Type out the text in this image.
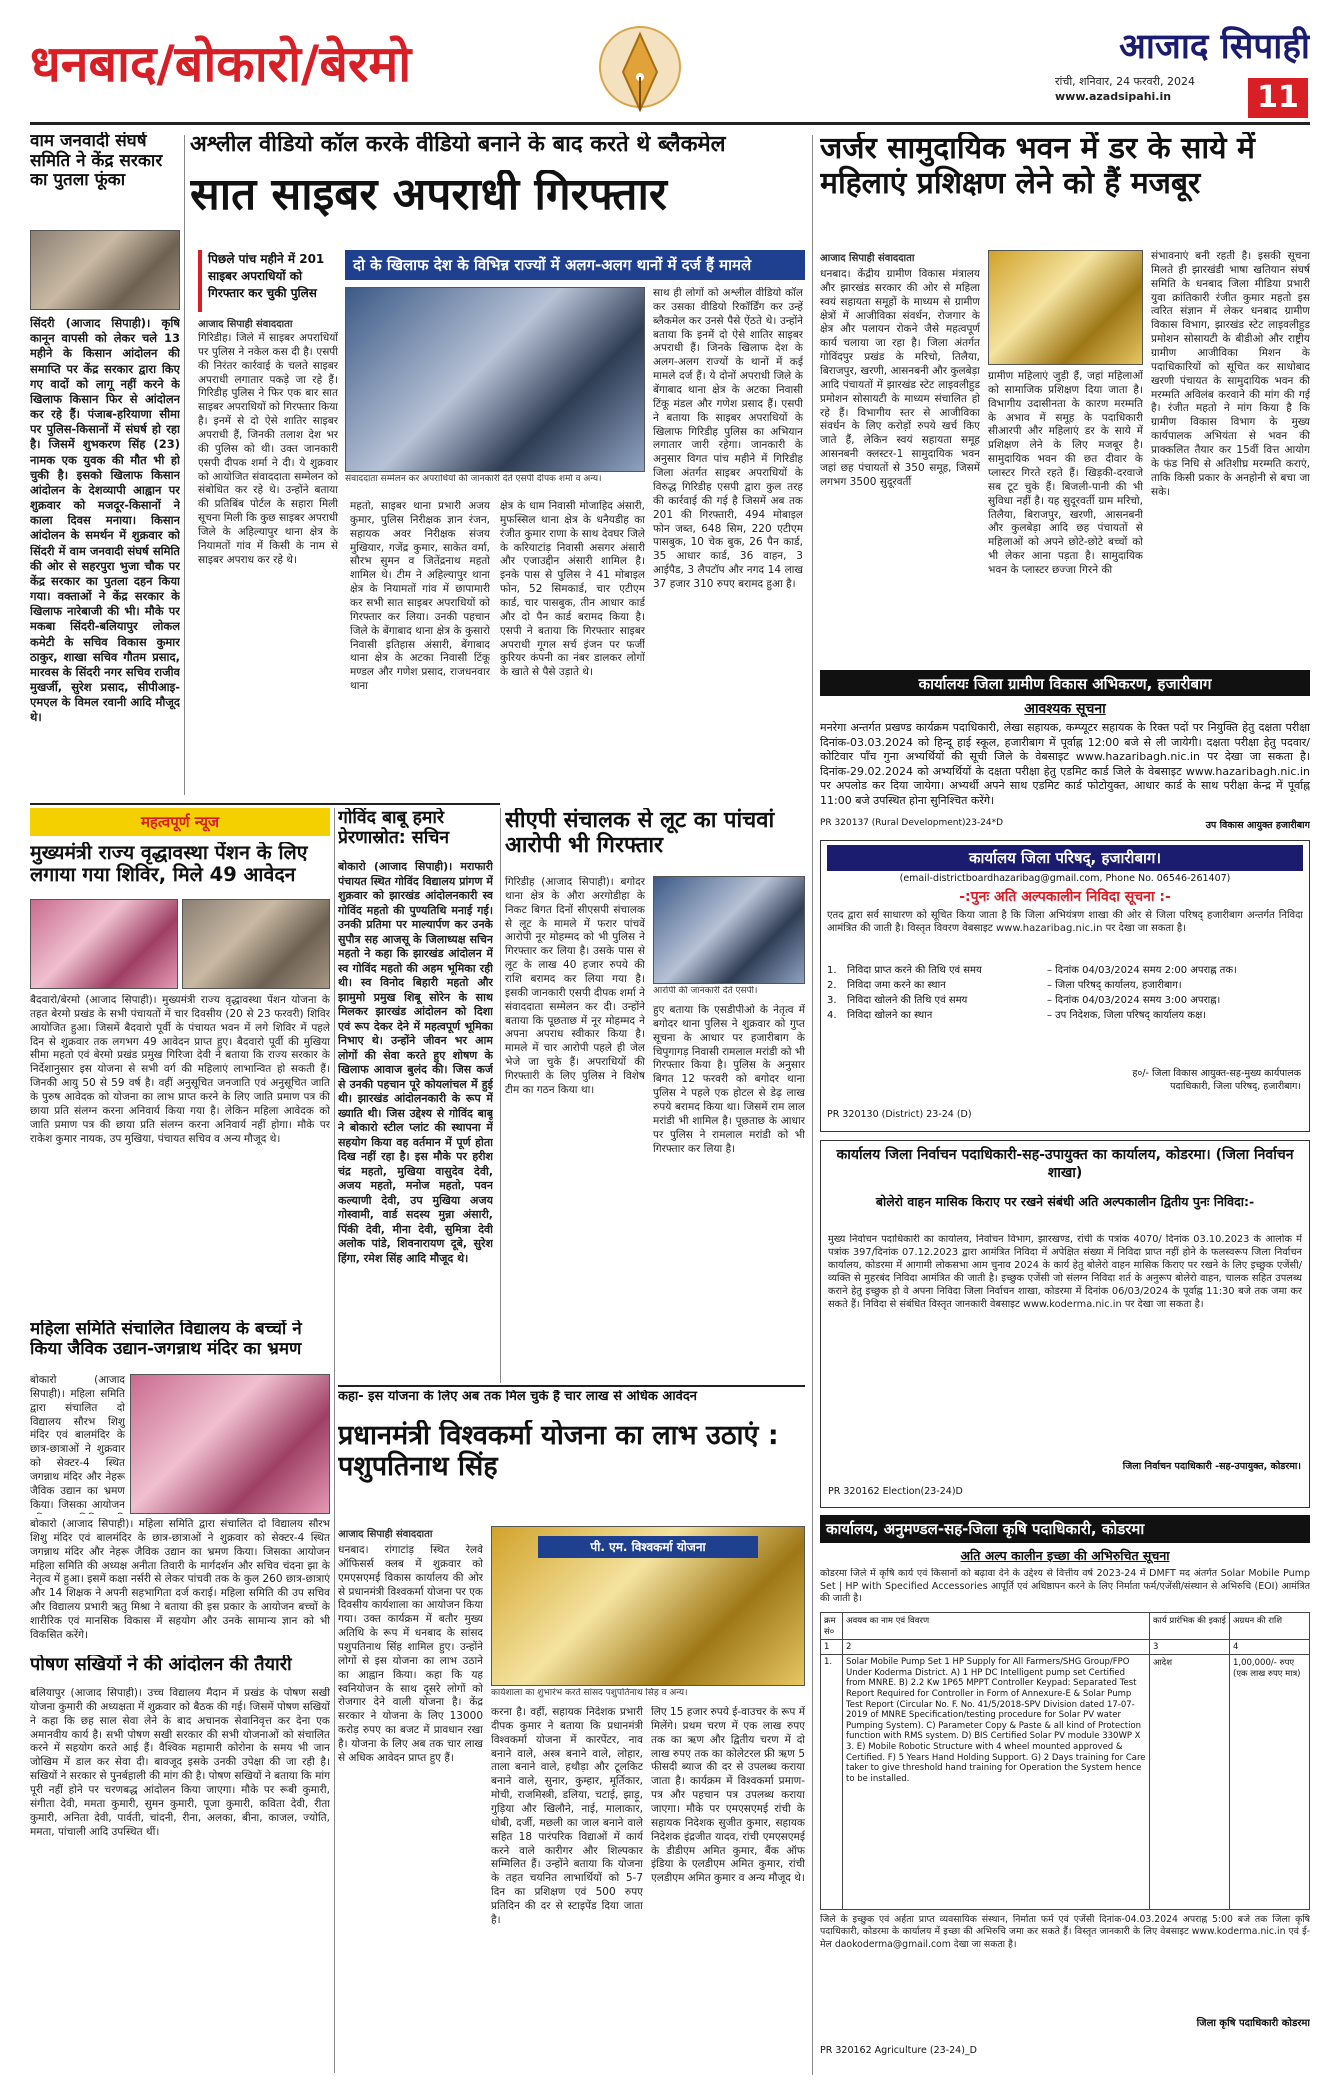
धनबाद/बोकारो/बेरमो	आजाद सिपाही
रांची, शनिवार, 24 फरवरी, 2024
www.azadsipahi.in	11
वाम जनवादी संघर्ष समिति ने केंद्र सरकार का पुतला फूंका
सिंदरी (आजाद सिपाही)। कृषि कानून वापसी को लेकर चले 13 महीने के किसान आंदोलन की समाप्ति पर केंद्र सरकार द्वारा किए गए वादों को लागू नहीं करने के खिलाफ किसान फिर से आंदोलन कर रहे हैं। पंजाब-हरियाणा सीमा पर पुलिस-किसानों में संघर्ष हो रहा है। जिसमें शुभकरण सिंह (23) नामक एक युवक की मौत भी हो चुकी है। इसको खिलाफ किसान आंदोलन के देशव्यापी आह्वान पर शुक्रवार को मजदूर-किसानों ने काला दिवस मनाया। किसान आंदोलन के समर्थन में शुक्रवार को सिंदरी में वाम जनवादी संघर्ष समिति की ओर से सहरपुरा भुजा चौक पर केंद्र सरकार का पुतला दहन किया गया। वक्ताओं ने केंद्र सरकार के खिलाफ नारेबाजी की भी। मौके पर मकबा सिंदरी-बलियापुर लोकल कमेटी के सचिव विकास कुमार ठाकुर, शाखा सचिव गौतम प्रसाद, मारवस के सिंदरी नगर सचिव राजीव मुखर्जी, सुरेश प्रसाद, सीपीआइ-एमएल के विमल रवानी आदि मौजूद थे।
अश्लील वीडियो कॉल करके वीडियो बनाने के बाद करते थे ब्लैकमेल
सात साइबर अपराधी गिरफ्तार
पिछले पांच महीने में 201 साइबर अपराधियों को गिरफ्तार कर चुकी पुलिस
आजाद सिपाही संवाददाता
दो के खिलाफ देश के विभिन्न राज्यों में अलग-अलग थानों में दर्ज हैं मामले
संवाददाता सम्मेलन कर अपराधियों की जानकारी देते एसपी दीपक शर्मा व अन्य।
गिरिडीह। जिले में साइबर अपराधियों पर पुलिस ने नकेल कस दी है। एसपी की निरंतर कार्रवाई के चलते साइबर अपराधी लगातार पकड़े जा रहे हैं। गिरिडीह पुलिस ने फिर एक बार सात साइबर अपराधियों को गिरफ्तार किया है। इनमें से दो ऐसे शातिर साइबर अपराधी हैं, जिनकी तलाश देश भर की पुलिस को थी। उक्त जानकारी एसपी दीपक शर्मा ने दी। ये शुक्रवार को आयोजित संवाददाता सम्मेलन को संबोधित कर रहे थे। उन्होंने बताया की प्रतिबिंब पोर्टल के सहारा मिली सूचना मिली कि कुछ साइबर अपराधी जिले के अहिल्यापुर थाना क्षेत्र के नियामतों गांव में किसी के नाम से साइबर अपराध कर रहे थे।
महतो, साइबर थाना प्रभारी अजय कुमार, पुलिस निरीक्षक ज्ञान रंजन, सहायक अवर निरीक्षक संजय मुखियार, गजेंद्र कुमार, साकेत वर्मा, सौरभ सुमन व जितेंद्रनाथ महतो शामिल थे। टीम ने अहिल्यापुर थाना क्षेत्र के नियामतों गांव में छापामारी कर सभी सात साइबर अपराधियों को गिरफ्तार कर लिया। उनकी पहचान जिले के बेंगाबाद थाना क्षेत्र के कुसारो निवासी इतिहास अंसारी, बेंगाबाद थाना क्षेत्र के अटका निवासी टिंकू मण्डल और गणेश प्रसाद, राजधनवार थाना
क्षेत्र के धाम निवासी मोजाहिद अंसारी, मुफस्सिल थाना क्षेत्र के धनैयडीह का रंजीत कुमार राणा के साथ देवघर जिले के करियाटांड़ निवासी असगर अंसारी और एजाउद्दीन अंसारी शामिल है। इनके पास से पुलिस ने 41 मोबाइल फोन, 52 सिमकार्ड, चार एटीएम कार्ड, चार पासबुक, तीन आधार कार्ड और दो पैन कार्ड बरामद किया है। एसपी ने बताया कि गिरफ्तार साइबर अपराधी गूगल सर्च इंजन पर फर्जी कुरियर कंपनी का नंबर डालकर लोगों के खाते से पैसे उड़ाते थे।
साथ ही लोगों को अश्लील वीडियो कॉल कर उसका वीडियो रिकॉर्डिंग कर उन्हें ब्लैकमेल कर उनसे पैसे ऐंठते थे। उन्होंने बताया कि इनमें दो ऐसे शातिर साइबर अपराधी हैं। जिनके खिलाफ देश के अलग-अलग राज्यों के थानों में कई मामले दर्ज हैं। ये दोनों अपराधी जिले के बेंगाबाद थाना क्षेत्र के अटका निवासी टिंकू मंडल और गणेश प्रसाद हैं। एसपी ने बताया कि साइबर अपराधियों के खिलाफ गिरिडीह पुलिस का अभियान लगातार जारी रहेगा। जानकारी के अनुसार विगत पांच महीने में गिरिडीह जिला अंतर्गत साइबर अपराधियों के विरुद्ध गिरिडीह एसपी द्वारा कुल तरह की कार्रवाई की गई है जिसमें अब तक 201 की गिरफ्तारी, 494 मोबाइल फोन जब्त, 648 सिम, 220 एटीएम पासबुक, 10 चेक बुक, 26 पैन कार्ड, 35 आधार कार्ड, 36 वाहन, 3 आईपैड, 3 लैपटॉप और नगद 14 लाख 37 हजार 310 रुपए बरामद हुआ है।
जर्जर सामुदायिक भवन में डर के साये में महिलाएं प्रशिक्षण लेने को हैं मजबूर
आजाद सिपाही संवाददाता
धनबाद। केंद्रीय ग्रामीण विकास मंत्रालय और झारखंड सरकार की ओर से महिला स्वयं सहायता समूहों के माध्यम से ग्रामीण क्षेत्रों में आजीविका संवर्धन, रोजगार के क्षेत्र और पलायन रोकने जैसे महत्वपूर्ण कार्य चलाया जा रहा है। जिला अंतर्गत गोविंदपुर प्रखंड के मरिचो, तिलैया, बिराजपुर, खरणी, आसनबनी और कुलबेड़ा आदि पंचायतों में झारखंड स्टेट लाइवलीहुड प्रमोशन सोसायटी के माध्यम संचालित हो रहे हैं। विभागीय स्तर से आजीविका संवर्धन के लिए करोड़ों रुपये खर्च किए जाते हैं, लेकिन स्वयं सहायता समूह आसनबनी क्लस्टर-1 सामुदायिक भवन जहां छह पंचायतों से 350 समूह, जिसमें लगभग 3500 सुदूरवर्ती
ग्रामीण महिलाएं जुड़ी हैं, जहां महिलाओं को सामाजिक प्रशिक्षण दिया जाता है। विभागीय उदासीनता के कारण मरम्मति के अभाव में समूह के पदाधिकारी सीआरपी और महिलाएं डर के साये में प्रशिक्षण लेने के लिए मजबूर है। सामुदायिक भवन की छत दीवार के प्लास्टर गिरते रहते हैं। खिड़की-दरवाजे सब टूट चुके हैं। बिजली-पानी की भी सुविधा नहीं है। यह सुदूरवर्ती ग्राम मरिचो, तिलैया, बिराजपुर, खरणी, आसनबनी और कुलबेड़ा आदि छह पंचायतों से महिलाओं को अपने छोटे-छोटे बच्चों को भी लेकर आना पड़ता है। सामुदायिक भवन के प्लास्टर छज्जा गिरने की
संभावनाएं बनी रहती है। इसकी सूचना मिलते ही झारखंडी भाषा खतियान संघर्ष समिति के धनबाद जिला मीडिया प्रभारी युवा क्रांतिकारी रंजीत कुमार महतो इस त्वरित संज्ञान में लेकर धनबाद ग्रामीण विकास विभाग, झारखंड स्टेट लाइवलीहुड प्रमोशन सोसायटी के बीडीओ और राष्ट्रीय ग्रामीण आजीविका मिशन के पदाधिकारियों को सूचित कर साधोबाद खरणी पंचायत के सामुदायिक भवन की मरम्मति अविलंब करवाने की मांग की गई है। रंजीत महतो ने मांग किया है कि ग्रामीण विकास विभाग के मुख्य कार्यपालक अभियंता से भवन की प्राक्कलित तैयार कर 15वीं वित्त आयोग के फंड निधि से अतिशीघ्र मरम्मति कराएं, ताकि किसी प्रकार के अनहोनी से बचा जा सके।
कार्यालयः जिला ग्रामीण विकास अभिकरण, हजारीबाग
आवश्यक सूचना
मनरेगा अन्तर्गत प्रखण्ड कार्यक्रम पदाधिकारी, लेखा सहायक, कम्प्यूटर सहायक के रिक्त पदों पर नियुक्ति हेतु दक्षता परीक्षा दिनांक-03.03.2024 को हिन्दू हाई स्कूल, हजारीबाग में पूर्वाह्न 12:00 बजे से ली जायेगी। दक्षता परीक्षा हेतु पदवार/कोटिवार पाँच गुना अभ्यर्थियों की सूची जिले के वेबसाइट www.hazaribagh.nic.in पर देखा जा सकता है। दिनांक-29.02.2024 को अभ्यर्थियों के दक्षता परीक्षा हेतु एडमिट कार्ड जिले के वेबसाइट www.hazaribagh.nic.in पर अपलोड कर दिया जायेगा। अभ्यर्थी अपने साथ एडमिट कार्ड फोटोयुक्त, आधार कार्ड के साथ परीक्षा केन्द्र में पूर्वाह्न 11:00 बजे उपस्थित होना सुनिश्चित करेंगे।
PR 320137 (Rural Development)23-24*D	उप विकास आयुक्त हजारीबाग
कार्यालय जिला परिषद्, हजारीबाग।
(email-districtboardhazaribag@gmail.com, Phone No. 06546-261407)
-:पुनः अति अल्पकालीन निविदा सूचना :-
एतद द्वारा सर्व साधारण को सूचित किया जाता है कि जिला अभियंत्रण शाखा की ओर से जिला परिषद् हजारीबाग अन्तर्गत निविदा आमंत्रित की जाती है। विस्तृत विवरण वेबसाइट www.hazaribag.nic.in पर देखा जा सकता है।
1.	निविदा प्राप्त करने की तिथि एवं समय	– दिनांक 04/03/2024 समय 2:00 अपराह्न तक।
2.	निविदा जमा करने का स्थान	– जिला परिषद् कार्यालय, हजारीबाग।
3.	निविदा खोलने की तिथि एवं समय	– दिनांक 04/03/2024 समय 3:00 अपराह्न।
4.	निविदा खोलने का स्थान	– उप निदेशक, जिला परिषद् कार्यालय कक्ष।
ह०/- जिला विकास आयुक्त-सह-मुख्य कार्यपालक पदाधिकारी, जिला परिषद्, हजारीबाग।
PR 320130 (District) 23-24 (D)
कार्यालय जिला निर्वाचन पदाधिकारी-सह-उपायुक्त का कार्यालय, कोडरमा। (जिला निर्वाचन शाखा)
बोलेरो वाहन मासिक किराए पर रखने संबंधी अति अल्पकालीन द्वितीय पुनः निविदा:-
मुख्य निर्वाचन पदाधिकारी का कार्यालय, निर्वाचन विभाग, झारखण्ड, रांची के पत्रांक 4070/ दिनांक 03.10.2023 के आलोक में पत्रांक 397/दिनांक 07.12.2023 द्वारा आमंत्रित निविदा में अपेक्षित संख्या में निविदा प्राप्त नहीं होने के फलस्वरूप जिला निर्वाचन कार्यालय, कोडरमा में आगामी लोकसभा आम चुनाव 2024 के कार्य हेतु बोलेरो वाहन मासिक किराए पर रखने के लिए इच्छुक एजेंसी/व्यक्ति से मुहरबंद निविदा आमंत्रित की जाती है। इच्छुक एजेंसी जो संलग्न निविदा शर्त के अनुरूप बोलेरो वाहन, चालक सहित उपलब्ध कराने हेतु इच्छुक हो वे अपना निविदा जिला निर्वाचन शाखा, कोडरमा में दिनांक 06/03/2024 के पूर्वाह्न 11:30 बजे तक जमा कर सकते हैं। निविदा से संबंधित विस्तृत जानकारी वेबसाइट www.koderma.nic.in पर देखा जा सकता है।
जिला निर्वाचन पदाधिकारी -सह-उपायुक्त, कोडरमा।
PR 320162 Election(23-24)D
कार्यालय, अनुमण्डल-सह-जिला कृषि पदाधिकारी, कोडरमा
अति अल्प कालीन इच्छा की अभिरुचित सूचना
कोडरमा जिले में कृषि कार्य एवं किसानों को बढ़ावा देने के उद्देश्य से वित्तीय वर्ष 2023-24 में DMFT मद अंतर्गत Solar Mobile Pump Set | HP with Specified Accessories आपूर्ति एवं अधिष्ठापन करने के लिए निर्माता फर्म/एजेंसी/संस्थान से अभिरुचि (EOI) आमंत्रित की जाती है।
क्रम सं०	अवयव का नाम एवं विवरण	कार्य प्रारंभिक की इकाई	अग्रधन की राशि
1	2	3	4
1.	Solar Mobile Pump Set 1 HP Supply for All Farmers/SHG Group/FPO Under Koderma District. A) 1 HP DC Intelligent pump set Certified from MNRE. B) 2.2 Kw 1P65 MPPT Controller Keypad: Separated Test Report Required for Controller in Form of Annexure-E & Solar Pump Test Report (Circular No. F. No. 41/5/2018-SPV Division dated 17-07-2019 of MNRE Specification/testing procedure for Solar PV water Pumping System). C) Parameter Copy & Paste & all kind of Protection function with RMS system. D) BIS Certified Solar PV module 330WP X 3. E) Mobile Robotic Structure with 4 wheel mounted approved & Certified. F) 5 Years Hand Holding Support. G) 2 Days training for Care taker to give threshold hand training for Operation the System hence to be installed.	आदेश	1,00,000/- रुपए (एक लाख रुपए मात्र)
जिले के इच्छुक एवं अर्हता प्राप्त व्यवसायिक संस्थान, निर्माता फर्म एवं एजेंसी दिनांक-04.03.2024 अपराह्न 5:00 बजे तक जिला कृषि पदाधिकारी, कोडरमा के कार्यालय में इच्छा की अभिरुचि जमा कर सकते हैं। विस्तृत जानकारी के लिए वेबसाइट www.koderma.nic.in एवं ई-मेल daokoderma@gmail.com देखा जा सकता है।
जिला कृषि पदाधिकारी कोडरमा
PR 320162 Agriculture (23-24)_D
महत्वपूर्ण न्यूज
मुख्यमंत्री राज्य वृद्धावस्था पेंशन के लिए लगाया गया शिविर, मिले 49 आवेदन
बैदवारो/बेरमो (आजाद सिपाही)। मुख्यमंत्री राज्य वृद्धावस्था पेंशन योजना के तहत बेरमो प्रखंड के सभी पंचायतों में चार दिवसीय (20 से 23 फरवरी) शिविर आयोजित हुआ। जिसमें बैदवारो पूर्वी के पंचायत भवन में लगे शिविर में पहले दिन से शुक्रवार तक लगभग 49 आवेदन प्राप्त हुए। बैदवारो पूर्वी की मुखिया सीमा महतो एवं बेरमो प्रखंड प्रमुख गिरिजा देवी ने बताया कि राज्य सरकार के निर्देशानुसार इस योजना से सभी वर्ग की महिलाएं लाभान्वित हो सकती हैं। जिनकी आयु 50 से 59 वर्ष है। वहीं अनुसूचित जनजाति एवं अनुसूचित जाति के पुरुष आवेदक को योजना का लाभ प्राप्त करने के लिए जाति प्रमाण पत्र की छाया प्रति संलग्न करना अनिवार्य किया गया है। लेकिन महिला आवेदक को जाति प्रमाण पत्र की छाया प्रति संलग्न करना अनिवार्य नहीं होगा। मौके पर राकेश कुमार नायक, उप मुखिया, पंचायत सचिव व अन्य मौजूद थे।
महिला समिति संचालित विद्यालय के बच्चों ने किया जैविक उद्यान-जगन्नाथ मंदिर का भ्रमण
बोकारो (आजाद सिपाही)। महिला समिति द्वारा संचालित दो विद्यालय सौरभ शिशु मंदिर एवं बालमंदिर के छात्र-छात्राओं ने शुक्रवार को सेक्टर-4 स्थित जगन्नाथ मंदिर और नेहरू जैविक उद्यान का भ्रमण किया। जिसका आयोजन
बोकारो (आजाद सिपाही)। महिला समिति द्वारा संचालित दो विद्यालय सौरभ शिशु मंदिर एवं बालमंदिर के छात्र-छात्राओं ने शुक्रवार को सेक्टर-4 स्थित जगन्नाथ मंदिर और नेहरू जैविक उद्यान का भ्रमण किया। जिसका आयोजन महिला समिति की अध्यक्ष अनीता तिवारी के मार्गदर्शन और सचिव चंदना झा के नेतृत्व में हुआ। इसमें कक्षा नर्सरी से लेकर पांचवी तक के कुल 260 छात्र-छात्राएं और 14 शिक्षक ने अपनी सहभागिता दर्ज कराई। महिला समिति की उप सचिव और विद्यालय प्रभारी ऋतु मिश्रा ने बताया की इस प्रकार के आयोजन बच्चों के शारीरिक एवं मानसिक विकास में सहयोग और उनके सामान्य ज्ञान को भी विकसित करेंगे।
पोषण सखियों ने की आंदोलन की तैयारी
बलियापुर (आजाद सिपाही)। उच्च विद्यालय मैदान में प्रखंड के पोषण सखी योजना कुमारी की अध्यक्षता में शुक्रवार को बैठक की गई। जिसमें पोषण सखियों ने कहा कि छह साल सेवा लेने के बाद अचानक सेवानिवृत्त कर देना एक अमानवीय कार्य है। सभी पोषण सखी सरकार की सभी योजनाओं को संचालित करने में सहयोग करते आई हैं। वैश्विक महामारी कोरोना के समय भी जान जोखिम में डाल कर सेवा दी। बावजूद इसके उनकी उपेक्षा की जा रही है। सखियों ने सरकार से पुनर्बहाली की मांग की है। पोषण सखियों ने बताया कि मांग पूरी नहीं होने पर चरणबद्ध आंदोलन किया जाएगा। मौके पर रूबी कुमारी, संगीता देवी, ममता कुमारी, सुमन कुमारी, पूजा कुमारी, कविता देवी, रीता कुमारी, अनिता देवी, पार्वती, चांदनी, रीना, अलका, बीना, काजल, ज्योति, ममता, पांचाली आदि उपस्थित थीं।
गोविंद बाबू हमारे प्रेरणास्रोत: सचिन
बोकारो (आजाद सिपाही)। मराफारी पंचायत स्थित गोविंद विद्यालय प्रांगण में शुक्रवार को झारखंड आंदोलनकारी स्व गोविंद महतो की पुण्यतिथि मनाई गई। उनकी प्रतिमा पर माल्यार्पण कर उनके सुपौत्र सह आजसू के जिलाध्यक्ष सचिन महतो ने कहा कि झारखंड आंदोलन में स्व गोविंद महतो की अहम भूमिका रही थी। स्व विनोद बिहारी महतो और झामुमो प्रमुख शिबू सोरेन के साथ मिलकर झारखंड आंदोलन को दिशा एवं रूप देकर देने में महत्वपूर्ण भूमिका निभाए थे। उन्होंने जीवन भर आम लोगों की सेवा करते हुए शोषण के खिलाफ आवाज बुलंद की। जिस कर्ज से उनकी पहचान पूरे कोयलांचल में हुई थी। झारखंड आंदोलनकारी के रूप में ख्याति थी। जिस उद्देश्य से गोविंद बाबू ने बोकारो स्टील प्लांट की स्थापना में सहयोग किया वह वर्तमान में पूर्ण होता दिख नहीं रहा है। इस मौके पर हरीश चंद्र महतो, मुखिया वासुदेव देवी, अजय महतो, मनोज महतो, पवन कल्याणी देवी, उप मुखिया अजय गोस्वामी, वार्ड सदस्य मुन्ना अंसारी, पिंकी देवी, मीना देवी, सुमित्रा देवी अलोक पांडे, शिवनारायण दूबे, सुरेश हिंगा, रमेश सिंह आदि मौजूद थे।
सीएपी संचालक से लूट का पांचवां आरोपी भी गिरफ्तार
गिरिडीह (आजाद सिपाही)। बगोदर थाना क्षेत्र के औरा अरगोडीहा के निकट बिगत दिनों सीएसपी संचालक से लूट के मामले में फरार पांचवें आरोपी नूर मोहम्मद को भी पुलिस ने गिरफ्तार कर लिया है। उसके पास से लूट के लाख 40 हजार रुपये की राशि बरामद कर लिया गया है। इसकी जानकारी एसपी दीपक शर्मा ने संवाददाता सम्मेलन कर दी। उन्होंने बताया कि पूछताछ में नूर मोहम्मद ने अपना अपराध स्वीकार किया है। मामले में चार आरोपी पहले ही जेल भेजे जा चुके हैं। अपराधियों की गिरफ्तारी के लिए पुलिस ने विशेष टीम का गठन किया था।
आरोपी की जानकारी देते एसपी।
हुए बताया कि एसडीपीओ के नेतृत्व में बगोदर थाना पुलिस ने शुक्रवार को गुप्त सूचना के आधार पर हजारीबाग के चिपुगागड़ निवासी रामलाल मरांडी को भी गिरफ्तार किया है। पुलिस के अनुसार बिगत 12 फरवरी को बगोदर थाना पुलिस ने पहले एक होटल से डेढ़ लाख रुपये बरामद किया था। जिसमें राम लाल मरांडी भी शामिल है। पूछताछ के आधार पर पुलिस ने रामलाल मरांडी को भी गिरफ्तार कर लिया है।
कहा- इस योजना के लिए अब तक मिल चुके हैं चार लाख से अधिक आवेदन
प्रधानमंत्री विश्वकर्मा योजना का लाभ उठाएं : पशुपतिनाथ सिंह
आजाद सिपाही संवाददाता
धनबाद। रांगाटांड़ स्थित रेलवे ऑफिसर्स क्लब में शुक्रवार को एमएसएमई विकास कार्यालय की ओर से प्रधानमंत्री विश्वकर्मा योजना पर एक दिवसीय कार्यशाला का आयोजन किया गया। उक्त कार्यक्रम में बतौर मुख्य अतिथि के रूप में धनबाद के सांसद पशुपतिनाथ सिंह शामिल हुए। उन्होंने लोगों से इस योजना का लाभ उठाने का आह्वान किया। कहा कि यह स्वनियोजन के साथ दूसरे लोगों को रोजगार देने वाली योजना है। केंद्र सरकार ने योजना के लिए 13000 करोड़ रुपए का बजट में प्रावधान रखा है। योजना के लिए अब तक चार लाख से अधिक आवेदन प्राप्त हुए हैं।
पी. एम. विश्वकर्मा योजना
कार्यशाला का शुभारंभ करते सांसद पशुपतिनाथ सिंह व अन्य।
करना है। वहीं, सहायक निदेशक प्रभारी दीपक कुमार ने बताया कि प्रधानमंत्री विश्वकर्मा योजना में कारपेंटर, नाव बनाने वाले, अस्त्र बनाने वाले, लोहार, ताला बनाने वाले, हथौड़ा और टूलकिट बनाने वाले, सुनार, कुम्हार, मूर्तिकार, मोची, राजमिस्त्री, डलिया, चटाई, झाड़ू, गुड़िया और खिलौने, नाई, मालाकार, धोबी, दर्जी, मछली का जाल बनाने वाले सहित 18 पारंपरिक विद्याओं में कार्य करने वाले कारीगर और शिल्पकार सम्मिलित हैं। उन्होंने बताया कि योजना के तहत चयनित लाभार्थियों को 5-7 दिन का प्रशिक्षण एवं 500 रुपए प्रतिदिन की दर से स्टाइपेंड दिया जाता है।
लिए 15 हजार रुपये ई-वाउचर के रूप में मिलेंगे। प्रथम चरण में एक लाख रुपए तक का ऋण और द्वितीय चरण में दो लाख रुपए तक का कोलेटरल फ्री ऋण 5 फीसदी ब्याज की दर से उपलब्ध कराया जाता है। कार्यक्रम में विश्वकर्मा प्रमाण-पत्र और पहचान पत्र उपलब्ध कराया जाएगा। मौके पर एमएसएमई रांची के सहायक निदेशक सुजीत कुमार, सहायक निदेशक इंद्रजीत यादव, रांची एमएसएमई के डीडीएम अमित कुमार, बैंक ऑफ इंडिया के एलडीएम अमित कुमार, रांची एलडीएम अमित कुमार व अन्य मौजूद थे।
